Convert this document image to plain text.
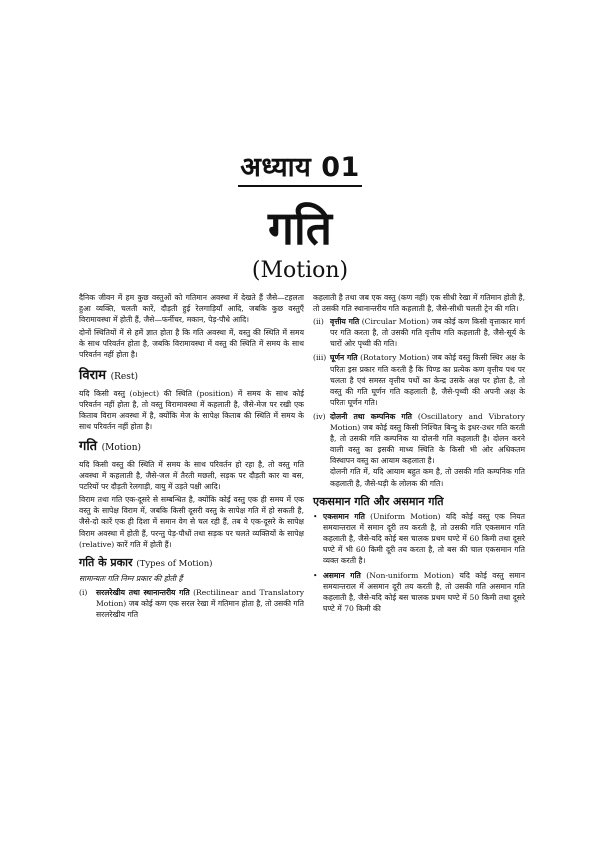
अध्याय 01
गति
(Motion)

दैनिक जीवन में हम कुछ वस्तुओं को गतिमान अवस्था में देखते हैं जैसे—टहलता हुआ व्यक्ति, चलती कारें, दौड़ती हुई रेलगाड़ियाँ आदि, जबकि कुछ वस्तुएँ विरामावस्था में होती हैं, जैसे—फर्नीचर, मकान, पेड़-पौधे आदि।

दोनों स्थितियों में से हमें ज्ञात होता है कि गति अवस्था में, वस्तु की स्थिति में समय के साथ परिवर्तन होता है, जबकि विरामावस्था में वस्तु की स्थिति में समय के साथ परिवर्तन नहीं होता है।

विराम (Rest)

यदि किसी वस्तु (object) की स्थिति (position) में समय के साथ कोई परिवर्तन नहीं होता है, तो वस्तु विरामावस्था में कहलाती है, जैसे-मेज पर रखी एक किताब विराम अवस्था में है, क्योंकि मेज के सापेक्ष किताब की स्थिति में समय के साथ परिवर्तन नहीं होता है।

गति (Motion)

यदि किसी वस्तु की स्थिति में समय के साथ परिवर्तन हो रहा है, तो वस्तु गति अवस्था में कहलाती है, जैसे-जल में तैरती मछली, सड़क पर दौड़ती कार या बस, पटरियों पर दौड़ती रेलगाड़ी, वायु में उड़ते पक्षी आदि।

विराम तथा गति एक-दूसरे से सम्बन्धित है, क्योंकि कोई वस्तु एक ही समय में एक वस्तु के सापेक्ष विराम में, जबकि किसी दूसरी वस्तु के सापेक्ष गति में हो सकती है, जैसे-दो कारें एक ही दिशा में समान वेग से चल रही हैं, तब ये एक-दूसरे के सापेक्ष विराम अवस्था में होती हैं, परन्तु पेड़-पौधों तथा सड़क पर चलते व्यक्तियों के सापेक्ष (relative) कारें गति में होती हैं।

गति के प्रकार (Types of Motion)

सामान्यतः गति निम्न प्रकार की होती हैं

(i) सरलरेखीय तथा स्थानान्तरीय गति (Rectilinear and Translatory Motion) जब कोई कण एक सरल रेखा में गतिमान होता है, तो उसकी गति सरलरेखीय गति

कहलाती है तथा जब एक वस्तु (कण नहीं) एक सीधी रेखा में गतिमान होती है, तो उसकी गति स्थानान्तरीय गति कहलाती है, जैसे-सीधी चलती ट्रेन की गति।

(ii) वृत्तीय गति (Circular Motion) जब कोई कण किसी वृत्ताकार मार्ग पर गति करता है, तो उसकी गति वृत्तीय गति कहलाती है, जैसे-सूर्य के चारों ओर पृथ्वी की गति।
(iii) घूर्णन गति (Rotatory Motion) जब कोई वस्तु किसी स्थिर अक्ष के परितः इस प्रकार गति करती है कि पिण्ड का प्रत्येक कण वृत्तीय पथ पर चलता है एवं समस्त वृत्तीय पथों का केन्द्र उसके अक्ष पर होता है, तो वस्तु की गति घूर्णन गति कहलाती है, जैसे-पृथ्वी की अपनी अक्ष के परितः घूर्णन गति।
(iv) दोलनी तथा कम्पनिक गति (Oscillatory and Vibratory Motion) जब कोई वस्तु किसी निश्चित बिन्दु के इधर-उधर गति करती है, तो उसकी गति कम्पनिक या दोलनी गति कहलाती है। दोलन करने वाली वस्तु का इसकी माध्य स्थिति के किसी भी ओर अधिकतम विस्थापन वस्तु का आयाम कहलाता है।
दोलनी गति में, यदि आयाम बहुत कम है, तो उसकी गति कम्पनिक गति कहलाती है, जैसे-घड़ी के लोलक की गति।
एकसमान गति और असमान गति
• एकसमान गति (Uniform Motion) यदि कोई वस्तु एक नियत समयान्तराल में समान दूरी तय करती है, तो उसकी गति एकसमान गति कहलाती है, जैसे-यदि कोई बस चालक प्रथम घण्टे में 60 किमी तथा दूसरे घण्टे में भी 60 किमी दूरी तय करता है, तो बस की चाल एकसमान गति व्यक्त करती है।
• असमान गति (Non-uniform Motion) यदि कोई वस्तु समान समयान्तराल में असमान दूरी तय करती है, तो उसकी गति असमान गति कहलाती है, जैसे-यदि कोई बस चालक प्रथम घण्टे में 50 किमी तथा दूसरे घण्टे में 70 किमी की
